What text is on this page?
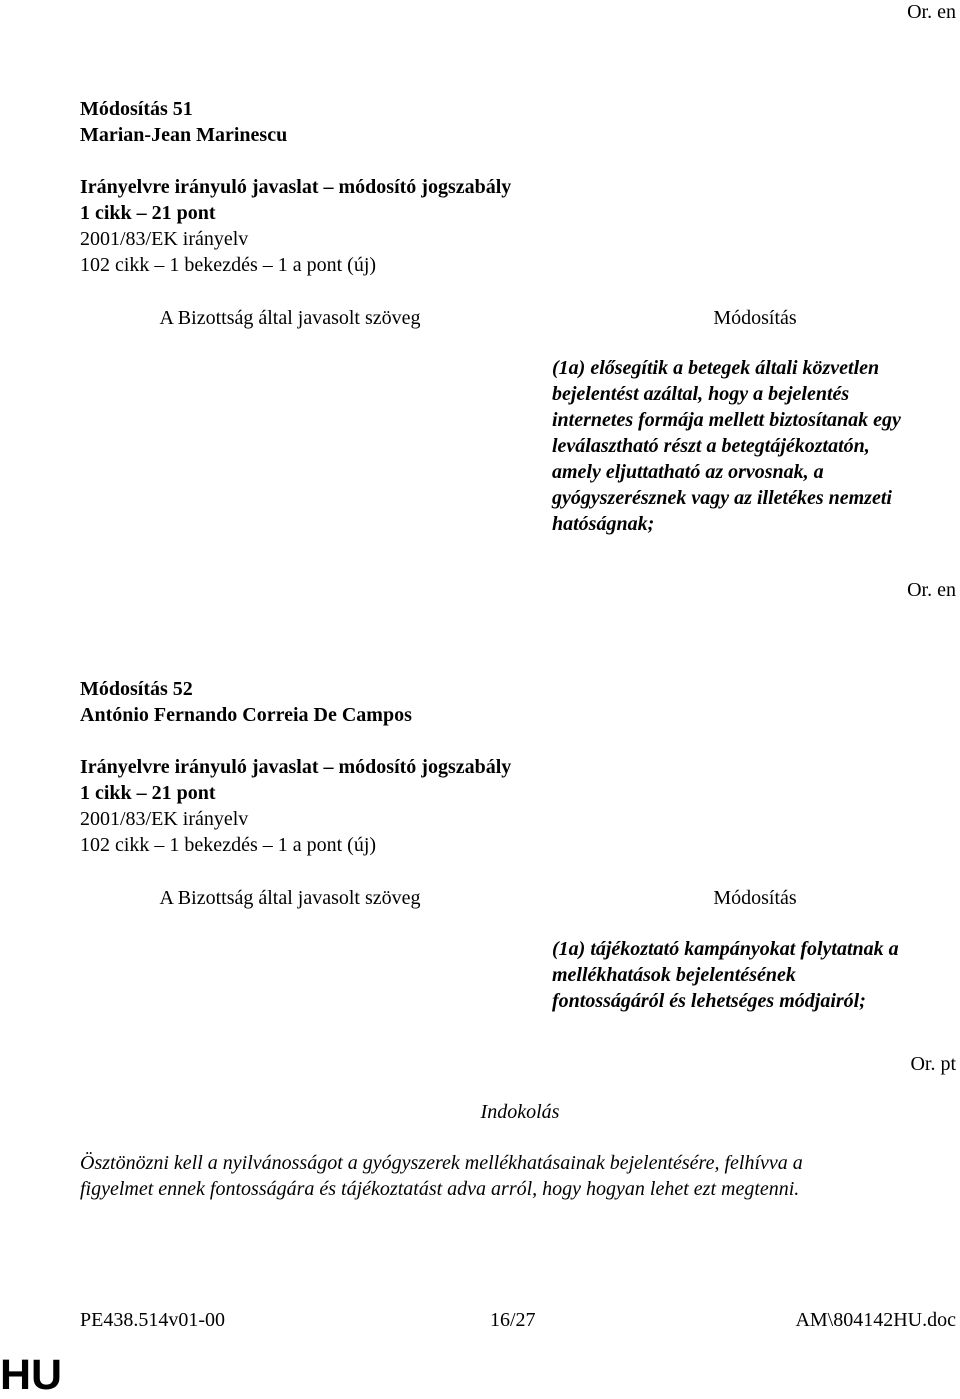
Or. en
Módosítás 51
Marian-Jean Marinescu
Irányelvre irányuló javaslat – módosító jogszabály
1 cikk – 21 pont
2001/83/EK irányelv
102 cikk – 1 bekezdés – 1 a pont (új)
A Bizottság által javasolt szöveg	Módosítás
(1a) elősegítik a betegek általi közvetlen
bejelentést azáltal, hogy a bejelentés
internetes formája mellett biztosítanak egy
leválasztható részt a betegtájékoztatón,
amely eljuttatható az orvosnak, a
gyógyszerésznek vagy az illetékes nemzeti
hatóságnak;
Or. en
Módosítás 52
António Fernando Correia De Campos
Irányelvre irányuló javaslat – módosító jogszabály
1 cikk – 21 pont
2001/83/EK irányelv
102 cikk – 1 bekezdés – 1 a pont (új)
A Bizottság által javasolt szöveg	Módosítás
(1a) tájékoztató kampányokat folytatnak a
mellékhatások bejelentésének
fontosságáról és lehetséges módjairól;
Or. pt
Indokolás
Ösztönözni kell a nyilvánosságot a gyógyszerek mellékhatásainak bejelentésére, felhívva a
figyelmet ennek fontosságára és tájékoztatást adva arról, hogy hogyan lehet ezt megtenni.
PE438.514v01-00	16/27	AM\804142HU.doc
HU
